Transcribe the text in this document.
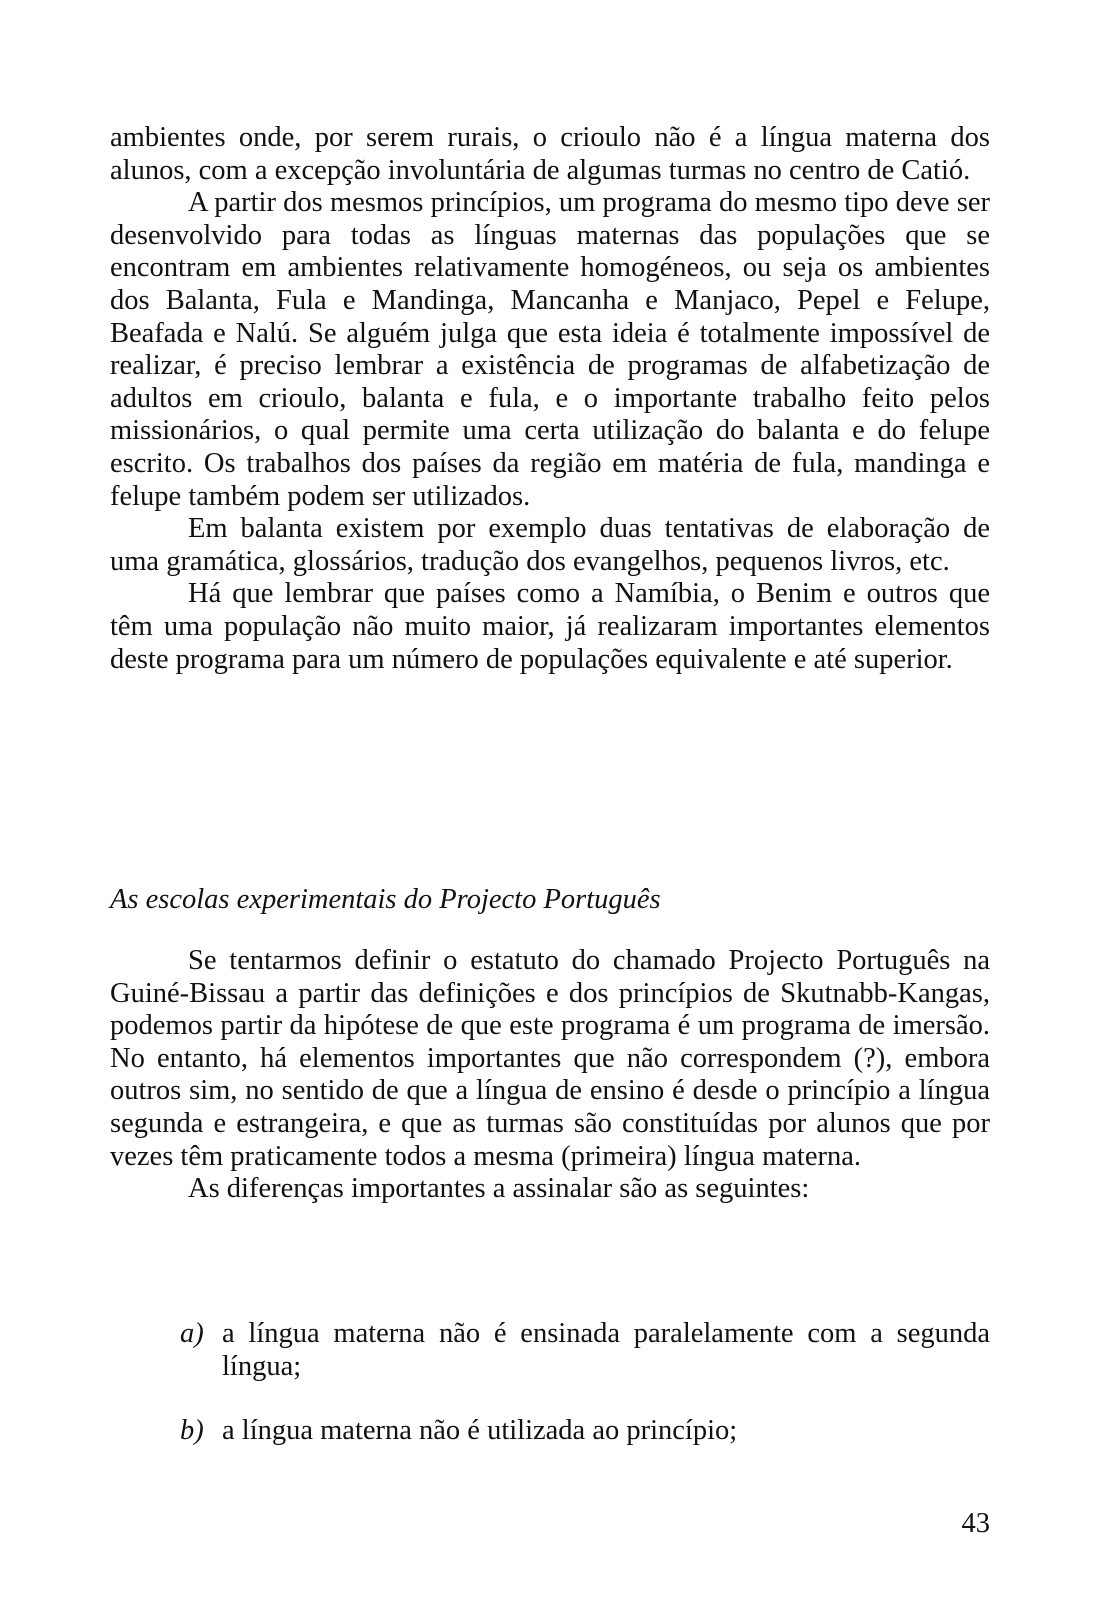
ambientes onde, por serem rurais, o crioulo não é a língua materna dos alunos, com a excepção involuntária de algumas turmas no centro de Catió.

A partir dos mesmos princípios, um programa do mesmo tipo deve ser desenvolvido para todas as línguas maternas das populações que se encontram em ambientes relativamente homogéneos, ou seja os ambientes dos Balanta, Fula e Mandinga, Mancanha e Manjaco, Pepel e Felupe, Beafada e Nalú. Se alguém julga que esta ideia é totalmente impossível de realizar, é preciso lembrar a existência de programas de alfabetização de adultos em crioulo, balanta e fula, e o importante trabalho feito pelos missionários, o qual permite uma certa utilização do balanta e do felupe escrito. Os trabalhos dos países da região em matéria de fula, mandinga e felupe também podem ser utilizados.

Em balanta existem por exemplo duas tentativas de elaboração de uma gramática, glossários, tradução dos evangelhos, pequenos livros, etc.

Há que lembrar que países como a Namíbia, o Benim e outros que têm uma população não muito maior, já realizaram importantes elementos deste programa para um número de populações equivalente e até superior.

As escolas experimentais do Projecto Português

Se tentarmos definir o estatuto do chamado Projecto Português na Guiné-Bissau a partir das definições e dos princípios de Skutnabb-Kangas, podemos partir da hipótese de que este programa é um programa de imersão. No entanto, há elementos importantes que não correspondem (?), embora outros sim, no sentido de que a língua de ensino é desde o princípio a língua segunda e estrangeira, e que as turmas são constituídas por alunos que por vezes têm praticamente todos a mesma (primeira) língua materna.

As diferenças importantes a assinalar são as seguintes:

a) a língua materna não é ensinada paralelamente com a segunda língua;

b) a língua materna não é utilizada ao princípio;

43
